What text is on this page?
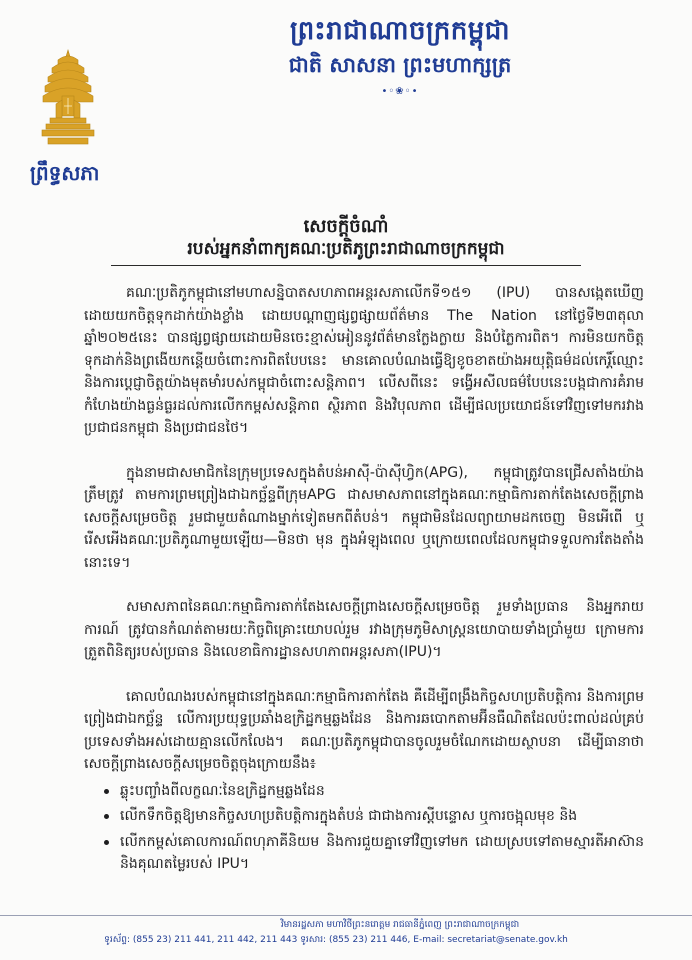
ព្រះរាជាណាចក្រកម្ពុជា
ជាតិ សាសនា ព្រះមហាក្សត្រ
•◦❀◦•
ព្រឹទ្ធសភា
សេចក្ដីចំណាំ
របស់អ្នកនាំពាក្យគណៈប្រតិភូព្រះរាជាណាចក្រកម្ពុជា

គណៈប្រតិភូកម្ពុជានៅមហាសន្និបាតសហភាពអន្តរសភាលើកទី១៥១ (IPU) បានសង្កេតឃើញដោយយកចិត្តទុកដាក់យ៉ាងខ្លាំង ដោយបណ្ដាញផ្សព្វផ្សាយព័ត៌មាន The Nation នៅថ្ងៃទី២៣តុលា ឆ្នាំ២០២៥នេះ បានផ្សព្វផ្សាយដោយមិនចេះខ្មាស់អៀននូវព័ត៌មានក្លែងក្លាយ និងបំភ្លៃការពិត។ ការមិនយកចិត្តទុកដាក់និងព្រងើយកន្តើយចំពោះការពិតបែបនេះ មានគោលបំណងធ្វើឱ្យខូចខាតយ៉ាងអយុត្តិធម៌ដល់កេរ្តិ៍ឈ្មោះ និងការប្ដេជ្ញាចិត្តយ៉ាងមុតមាំរបស់កម្ពុជាចំពោះសន្តិភាព។ លើសពីនេះ ទង្វើអសីលធម៌បែបនេះបង្កជាការគំរាមកំហែងយ៉ាងធ្ងន់ធ្ងរដល់ការលើកកម្ពស់សន្តិភាព ស្ថិរភាព និងវិបុលភាព ដើម្បីផលប្រយោជន៍ទៅវិញទៅមករវាងប្រជាជនកម្ពុជា និងប្រជាជនថៃ។

ក្នុងនាមជាសមាជិកនៃក្រុមប្រទេសក្នុងតំបន់អាស៊ី-ប៉ាស៊ីហ្វិក(APG), កម្ពុជាត្រូវបានជ្រើសតាំងយ៉ាងត្រឹមត្រូវ តាមការព្រមព្រៀងជាឯកច្ឆ័ន្ទពីក្រុមAPG ជាសមាសភាពនៅក្នុងគណៈកម្មាធិការតាក់តែងសេចក្ដីព្រាងសេចក្ដីសម្រេចចិត្ត រួមជាមួយតំណាងម្នាក់ទៀតមកពីតំបន់។ កម្ពុជាមិនដែលព្យាយាមដកចេញ មិនអើពើ ឬរើសអើងគណៈប្រតិភូណាមួយឡើយ—មិនថា មុន ក្នុងអំឡុងពេល ឬក្រោយពេលដែលកម្ពុជាទទួលការតែងតាំងនោះទេ។

សមាសភាពនៃគណៈកម្មាធិការតាក់តែងសេចក្ដីព្រាងសេចក្ដីសម្រេចចិត្ត រួមទាំងប្រធាន និងអ្នករាយការណ៍ ត្រូវបានកំណត់តាមរយៈកិច្ចពិគ្រោះយោបល់រួម រវាងក្រុមភូមិសាស្ត្រនយោបាយទាំងប្រាំមួយ ក្រោមការត្រួតពិនិត្យរបស់ប្រធាន និងលេខាធិការដ្ឋានសហភាពអន្តរសភា(IPU)។

គោលបំណងរបស់កម្ពុជានៅក្នុងគណៈកម្មាធិការតាក់តែង គឺដើម្បីពង្រឹងកិច្ចសហប្រតិបត្តិការ និងការព្រមព្រៀងជាឯកច្ឆ័ន្ទ លើការប្រយុទ្ធប្រឆាំងឧក្រិដ្ឋកម្មឆ្លងដែន និងការឆបោកតាមអ៊ីនធឺណិតដែលប៉ះពាល់ដល់គ្រប់ប្រទេសទាំងអស់ដោយគ្មានលើកលែង។ គណៈប្រតិភូកម្ពុជាបានចូលរួមចំណែកដោយស្ថាបនា ដើម្បីធានាថាសេចក្ដីព្រាងសេចក្ដីសម្រេចចិត្តចុងក្រោយនឹង៖

ឆ្លុះបញ្ចាំងពីលក្ខណៈនៃឧក្រិដ្ឋកម្មឆ្លងដែន
លើកទឹកចិត្តឱ្យមានកិច្ចសហប្រតិបត្តិការក្នុងតំបន់ ជាជាងការស្តីបន្ទោស ឬការចង្អុលមុខ និង
លើកកម្ពស់គោលការណ៍ពហុភាគីនិយម និងការជួយគ្នាទៅវិញទៅមក ដោយស្របទៅតាមស្មារតីអាស៊ាន និងគុណតម្លៃរបស់ IPU។
វិមានរដ្ឋសភា មហាវិថីព្រះនរោត្តម រាជធានីភ្នំពេញ ព្រះរាជាណាចក្រកម្ពុជា
ទូរស័ព្ទ: (855 23) 211 441, 211 442, 211 443 ទូរសារ: (855 23) 211 446, E-mail: secretariat@senate.gov.kh
